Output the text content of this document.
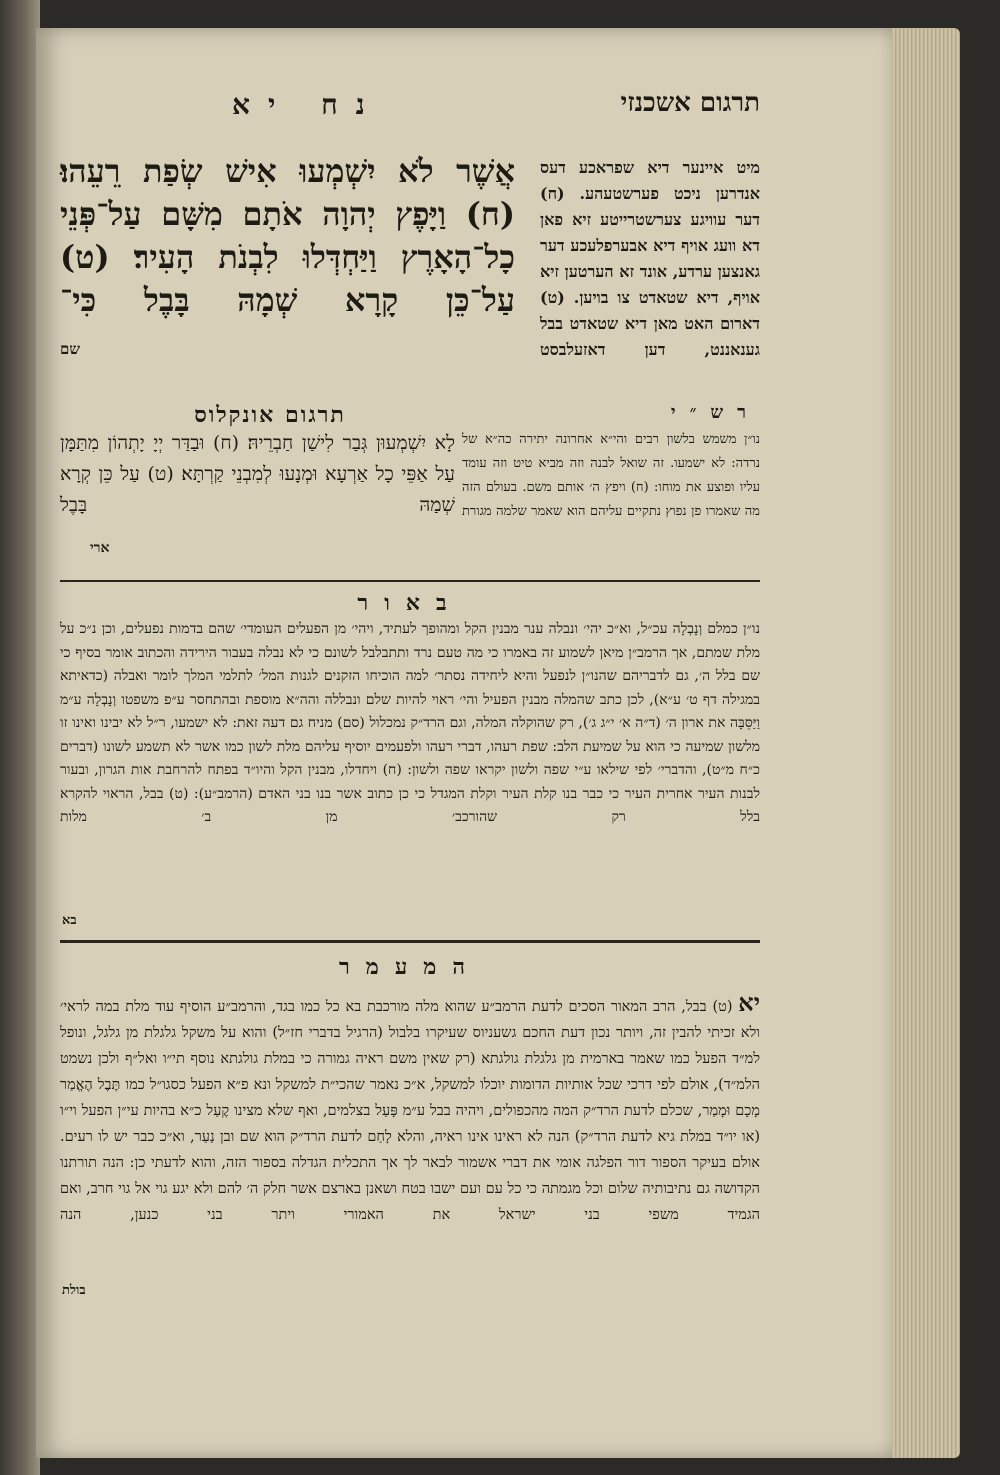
תרגום אשכנזי
נח יא
אֲשֶׁר לֹא יִשְׁמְעוּ אִישׁ שְׂפַת רֵעֵהוּ׃ (ח) וַיָּפֶץ יְהוָה אֹתָם מִשָּׁם עַל־פְּנֵי כָל־הָאָרֶץ וַיַּחְדְּלוּ לִבְנֹת הָעִיר׃ (ט) עַל־כֵּן קָרָא שְׁמָהּ בָּבֶל כִּי־
שם
מיט איינער דיא שפראכע דעס אנדרען ניכט פערשטעהע. (ח) דער עוויגע צערשטרייטע זיא פאן דא וועג אויף דיא אבערפלעכע דער גאנצען ערדע, אונד זא הערטען זיא אויף, דיא שטאדט צו בויען. (ט) דארום האט מאן דיא שטאדט בבל גענאננט, דען דאזעלבסט
תרגום אונקלוס
לָא יִשְׁמְעוּן גְּבַר לִישַׁן חַבְרֵיהּ׃ (ח) וּבַדַּר יְיָ יָתְהוֹן מִתַּמָּן עַל אַפֵּי כָל אַרְעָא וּמְנָעוּ לְמִבְנֵי קַרְתָּא׃ (ט) עַל כֵּן קְרָא שְׁמַהּ בָּבֶל
ארי
רש״י
נו״ן משמש בלשון רבים והי״א אחרונה יתירה כה״א של נרדה: לא ישמעו. זה שואל לבנה וזה מביא טיט וזה עומד עליו ופוצע את מוחו: (ח) ויפץ ה׳ אותם משם. בעולם הזה מה שאמרו פן נפוץ נתקיים עליהם הוא שאמר שלמה מגורת
באור
נו״ן כמלם וְנָבְלָה עכ״ל, וא״כ יהי׳ ונבלה ענר מבנין הקל ומהופך לעתיד, ויהי׳ מן הפעלים העומדי׳ שהם בדמות נפעלים, וכן נ״כ על מלת שמתם, אך הרמב״ן מיאן לשמוע זה באמרו כי מה טעם נרד ותתבלבל לשונם כי לא נבלה בעבור הירידה והכתוב אומר בסיף כי שם בלל ה׳, גם לדבריהם שהנו״ן לנפעל והיא ליחידה נסתר׳ למה הוכיחו הזקנים לגנות המל׳ לתלמי המלך לומר ואבלה (כדאיתא במגילה דף ט׳ ע״א), לכן כתב שהמלה מבנין הפעיל והי׳ ראוי להיות שלם ונבללה והה״א מוספת ובהתחסר ע״פ משפטו וְנָבְלָה ע״מ וַיַּסֵּבָּה את ארון ה׳ (ד״ה א׳ י״ג ג׳), רק שהוקלה המלה, וגם הרד״ק נמכלול (סם) מניח גם דעה זאת: לא ישמעו, ר״ל לא יבינו ואינו זו מלשון שמיעה כי הוא על שמיעת הלב: שפת רעהו, דברי רעהו ולפעמים יוסיף עליהם מלת לשון כמו אשר לא תשמע לשונו (דברים כ״ח מ״ט), והדברי׳ לפי שילאו ע״י שפה ולשון יקראו שפה ולשון: (ח) ויחדלו, מבנין הקל והיו״ד בפתח להרחבת אות הגרון, ובעור לבנות העיר אחרית העיר כי כבר בנו קלת העיר וקלת המגדל כי כן כתוב אשר בנו בני האדם (הרמב״ע): (ט) בבל, הראוי להקרא בלל רק שהורכב׳ מן ב׳ מלות
בא
המעמר
יא (ט) בבל, הרב המאור הסכים לדעת הרמב״ע שהוא מלה מורכבת בא כל כמו בגד, והרמב״ע הוסיף עוד מלת במה לראי׳ ולא זכיתי להבין זה, ויותר נכון דעת החכם גשעניוס שעיקרו בלבול (הרגיל בדברי חז״ל) והוא על משקל גלגלת מן גלגל, ונופל למ״ד הפעל כמו שאמר בארמית מן גלגלת גולגתא (רק שאין משם ראיה גמורה כי במלת גולגתא נוסף תי״ו ואל״ף ולכן נשמט הלמ״ד), אולם לפי דרכי שכל אותיות הדומות יוכלו למשקל, א״כ נאמר שהכי״ת למשקל ונא פ״א הפעל כסגו״ל כמו תֶּבֶל הֶאֱמַר מָכָם וּמָמַר, שכלם לדעת הרד״ק המה מהכפולים, ויהיה בבל ע״מ פָּעַל בצלמים, ואף שלא מצינו קֶעַל כ״א בהיות עי״ן הפעל וי״ו (או יו״ד במלת גיא לדעת הרד״ק) הנה לא ראינו אינו ראיה, והלא לָחַם לדעת הרד״ק הוא שם ובן נַעַר, וא״כ כבר יש לו רעים. אולם בעיקר הספור דור הפלגה אומי את דברי אשמור לבאר לך אך התכלית הגדלה בספור הזה, והוא לדעתי כן: הנה תורתנו הקדושה גם נתיבותיה שלום וכל מגמתה כי כל עם ועם ישבו בטח ושאנן בארצם אשר חלק ה׳ להם ולא יגע גוי אל גוי חרב, ואם הגמיד משפי בני ישראל את האמורי ויתר בני כנען, הנה
בולת
